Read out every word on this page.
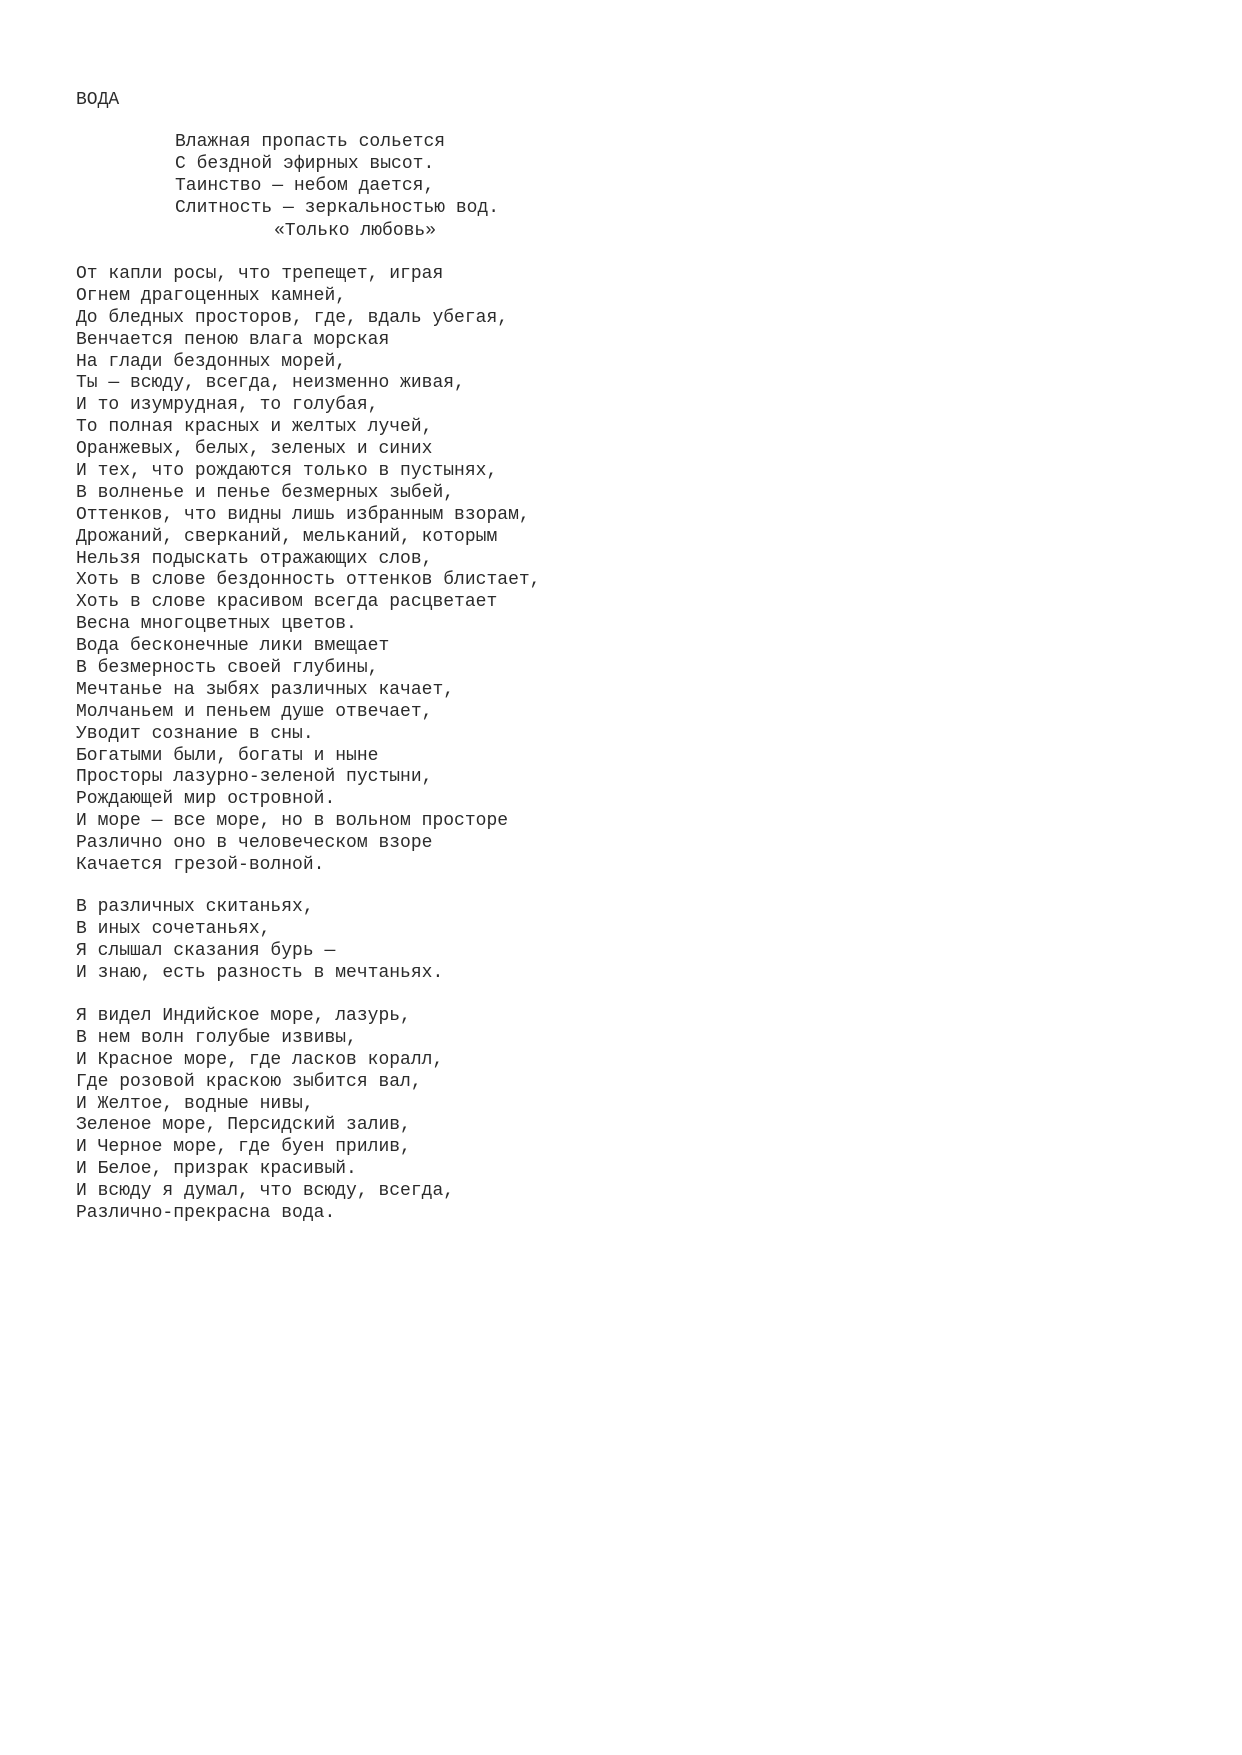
ВОДА
Влажная пропасть сольется
С бездной эфирных высот.
Таинство — небом дается,
Слитность — зеркальностью вод.
«Только любовь»
От капли росы, что трепещет, играя
Огнем драгоценных камней,
До бледных просторов, где, вдаль убегая,
Венчается пеною влага морская
На глади бездонных морей,
Ты — всюду, всегда, неизменно живая,
И то изумрудная, то голубая,
То полная красных и желтых лучей,
Оранжевых, белых, зеленых и синих
И тех, что рождаются только в пустынях,
В волненье и пенье безмерных зыбей,
Оттенков, что видны лишь избранным взорам,
Дрожаний, сверканий, мельканий, которым
Нельзя подыскать отражающих слов,
Хоть в слове бездонность оттенков блистает,
Хоть в слове красивом всегда расцветает
Весна многоцветных цветов.
Вода бесконечные лики вмещает
В безмерность своей глубины,
Мечтанье на зыбях различных качает,
Молчаньем и пеньем душе отвечает,
Уводит сознание в сны.
Богатыми были, богаты и ныне
Просторы лазурно-зеленой пустыни,
Рождающей мир островной.
И море — все море, но в вольном просторе
Различно оно в человеческом взоре
Качается грезой-волной.
В различных скитаньях,
В иных сочетаньях,
Я слышал сказания бурь —
И знаю, есть разность в мечтаньях.
Я видел Индийское море, лазурь,
В нем волн голубые извивы,
И Красное море, где ласков коралл,
Где розовой краскою зыбится вал,
И Желтое, водные нивы,
Зеленое море, Персидский залив,
И Черное море, где буен прилив,
И Белое, призрак красивый.
И всюду я думал, что всюду, всегда,
Различно-прекрасна вода.
